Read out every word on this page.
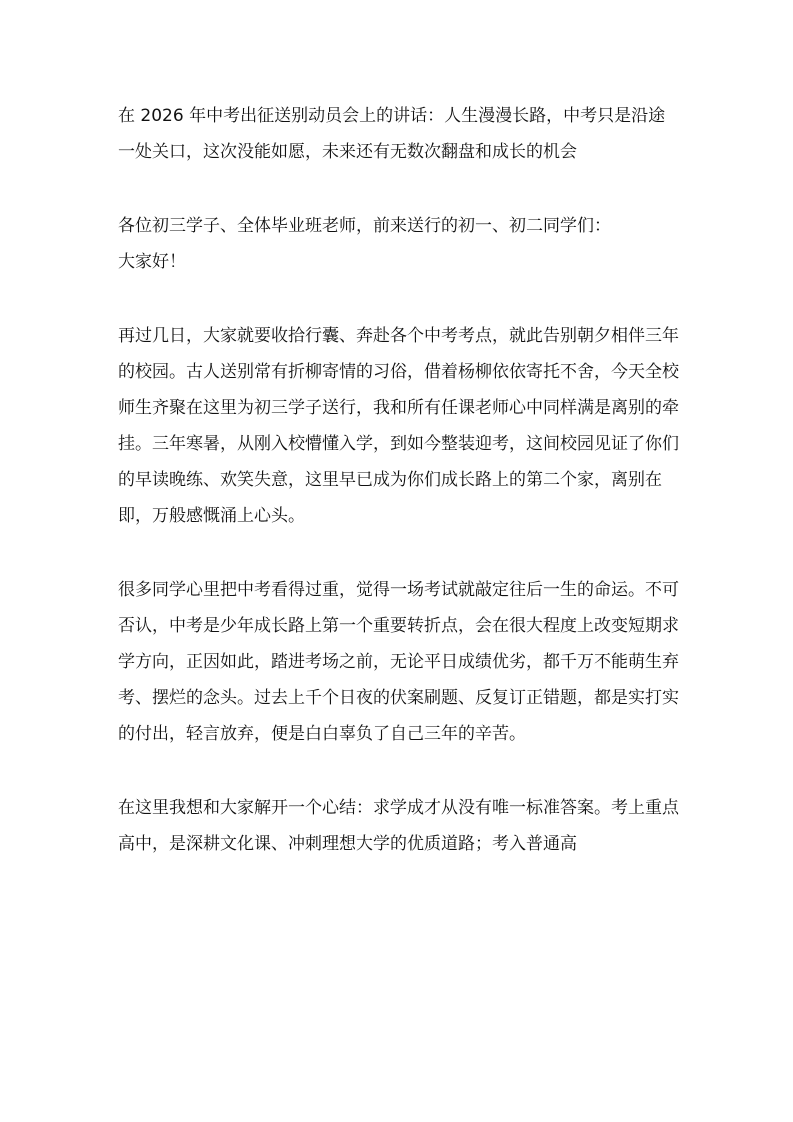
在 2026 年中考出征送别动员会上的讲话：人生漫漫长路，中考只是沿途一处关口，这次没能如愿，未来还有无数次翻盘和成长的机会

各位初三学子、全体毕业班老师，前来送行的初一、初二同学们：

大家好！

再过几日，大家就要收拾行囊、奔赴各个中考考点，就此告别朝夕相伴三年的校园。古人送别常有折柳寄情的习俗，借着杨柳依依寄托不舍，今天全校师生齐聚在这里为初三学子送行，我和所有任课老师心中同样满是离别的牵挂。三年寒暑，从刚入校懵懂入学，到如今整装迎考，这间校园见证了你们的早读晚练、欢笑失意，这里早已成为你们成长路上的第二个家，离别在即，万般感慨涌上心头。

很多同学心里把中考看得过重，觉得一场考试就敲定往后一生的命运。不可否认，中考是少年成长路上第一个重要转折点，会在很大程度上改变短期求学方向，正因如此，踏进考场之前，无论平日成绩优劣，都千万不能萌生弃考、摆烂的念头。过去上千个日夜的伏案刷题、反复订正错题，都是实打实的付出，轻言放弃，便是白白辜负了自己三年的辛苦。

在这里我想和大家解开一个心结：求学成才从没有唯一标准答案。考上重点高中，是深耕文化课、冲刺理想大学的优质道路；考入普通高
